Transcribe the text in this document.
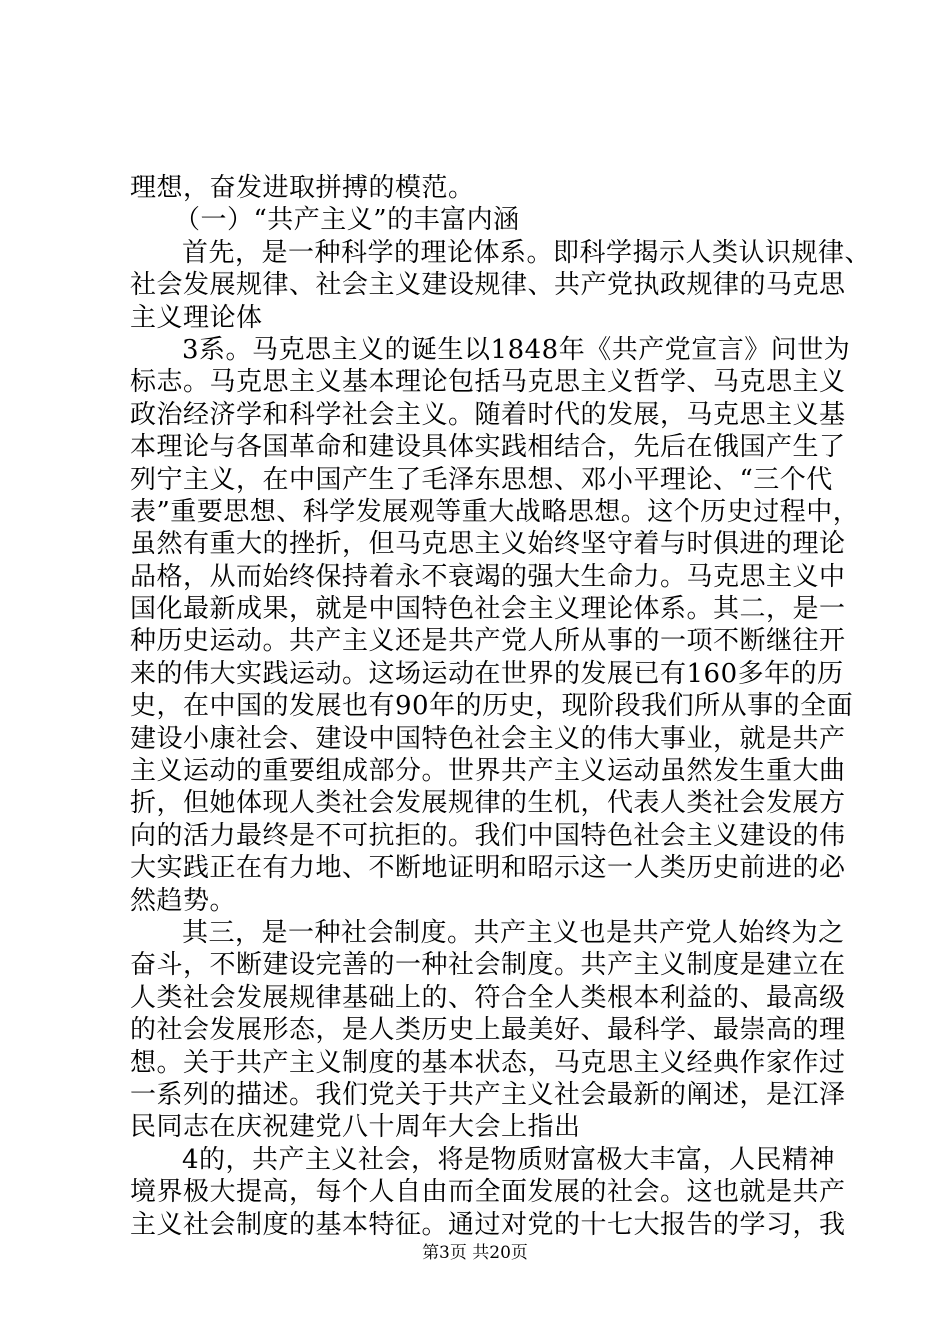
理想，奋发进取拼搏的模范。

（一）“共产主义”的丰富内涵

首先，是一种科学的理论体系。即科学揭示人类认识规律、

社会发展规律、社会主义建设规律、共产党执政规律的马克思

主义理论体

3系。马克思主义的诞生以1848年《共产党宣言》问世为

标志。马克思主义基本理论包括马克思主义哲学、马克思主义

政治经济学和科学社会主义。随着时代的发展，马克思主义基

本理论与各国革命和建设具体实践相结合，先后在俄国产生了

列宁主义，在中国产生了毛泽东思想、邓小平理论、“三个代

表”重要思想、科学发展观等重大战略思想。这个历史过程中，

虽然有重大的挫折，但马克思主义始终坚守着与时俱进的理论

品格，从而始终保持着永不衰竭的强大生命力。马克思主义中

国化最新成果，就是中国特色社会主义理论体系。其二，是一

种历史运动。共产主义还是共产党人所从事的一项不断继往开

来的伟大实践运动。这场运动在世界的发展已有160多年的历

史，在中国的发展也有90年的历史，现阶段我们所从事的全面

建设小康社会、建设中国特色社会主义的伟大事业，就是共产

主义运动的重要组成部分。世界共产主义运动虽然发生重大曲

折，但她体现人类社会发展规律的生机，代表人类社会发展方

向的活力最终是不可抗拒的。我们中国特色社会主义建设的伟

大实践正在有力地、不断地证明和昭示这一人类历史前进的必

然趋势。

其三，是一种社会制度。共产主义也是共产党人始终为之

奋斗，不断建设完善的一种社会制度。共产主义制度是建立在

人类社会发展规律基础上的、符合全人类根本利益的、最高级

的社会发展形态，是人类历史上最美好、最科学、最崇高的理

想。关于共产主义制度的基本状态，马克思主义经典作家作过

一系列的描述。我们党关于共产主义社会最新的阐述，是江泽

民同志在庆祝建党八十周年大会上指出

4的，共产主义社会，将是物质财富极大丰富，人民精神

境界极大提高，每个人自由而全面发展的社会。这也就是共产

主义社会制度的基本特征。通过对党的十七大报告的学习，我

第3页 共20页
